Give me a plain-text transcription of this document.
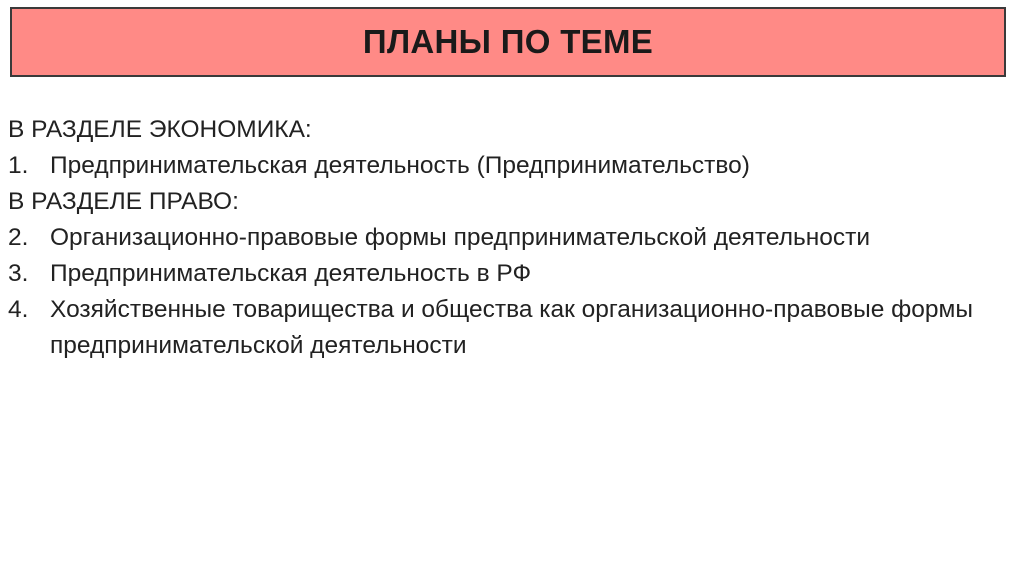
ПЛАНЫ ПО ТЕМЕ

В РАЗДЕЛЕ ЭКОНОМИКА:

1. Предпринимательская деятельность (Предпринимательство)

В РАЗДЕЛЕ ПРАВО:

2. Организационно-правовые формы предпринимательской деятельности
3. Предпринимательская деятельность в РФ
4. Хозяйственные товарищества и общества как организационно-правовые формы предпринимательской деятельности
